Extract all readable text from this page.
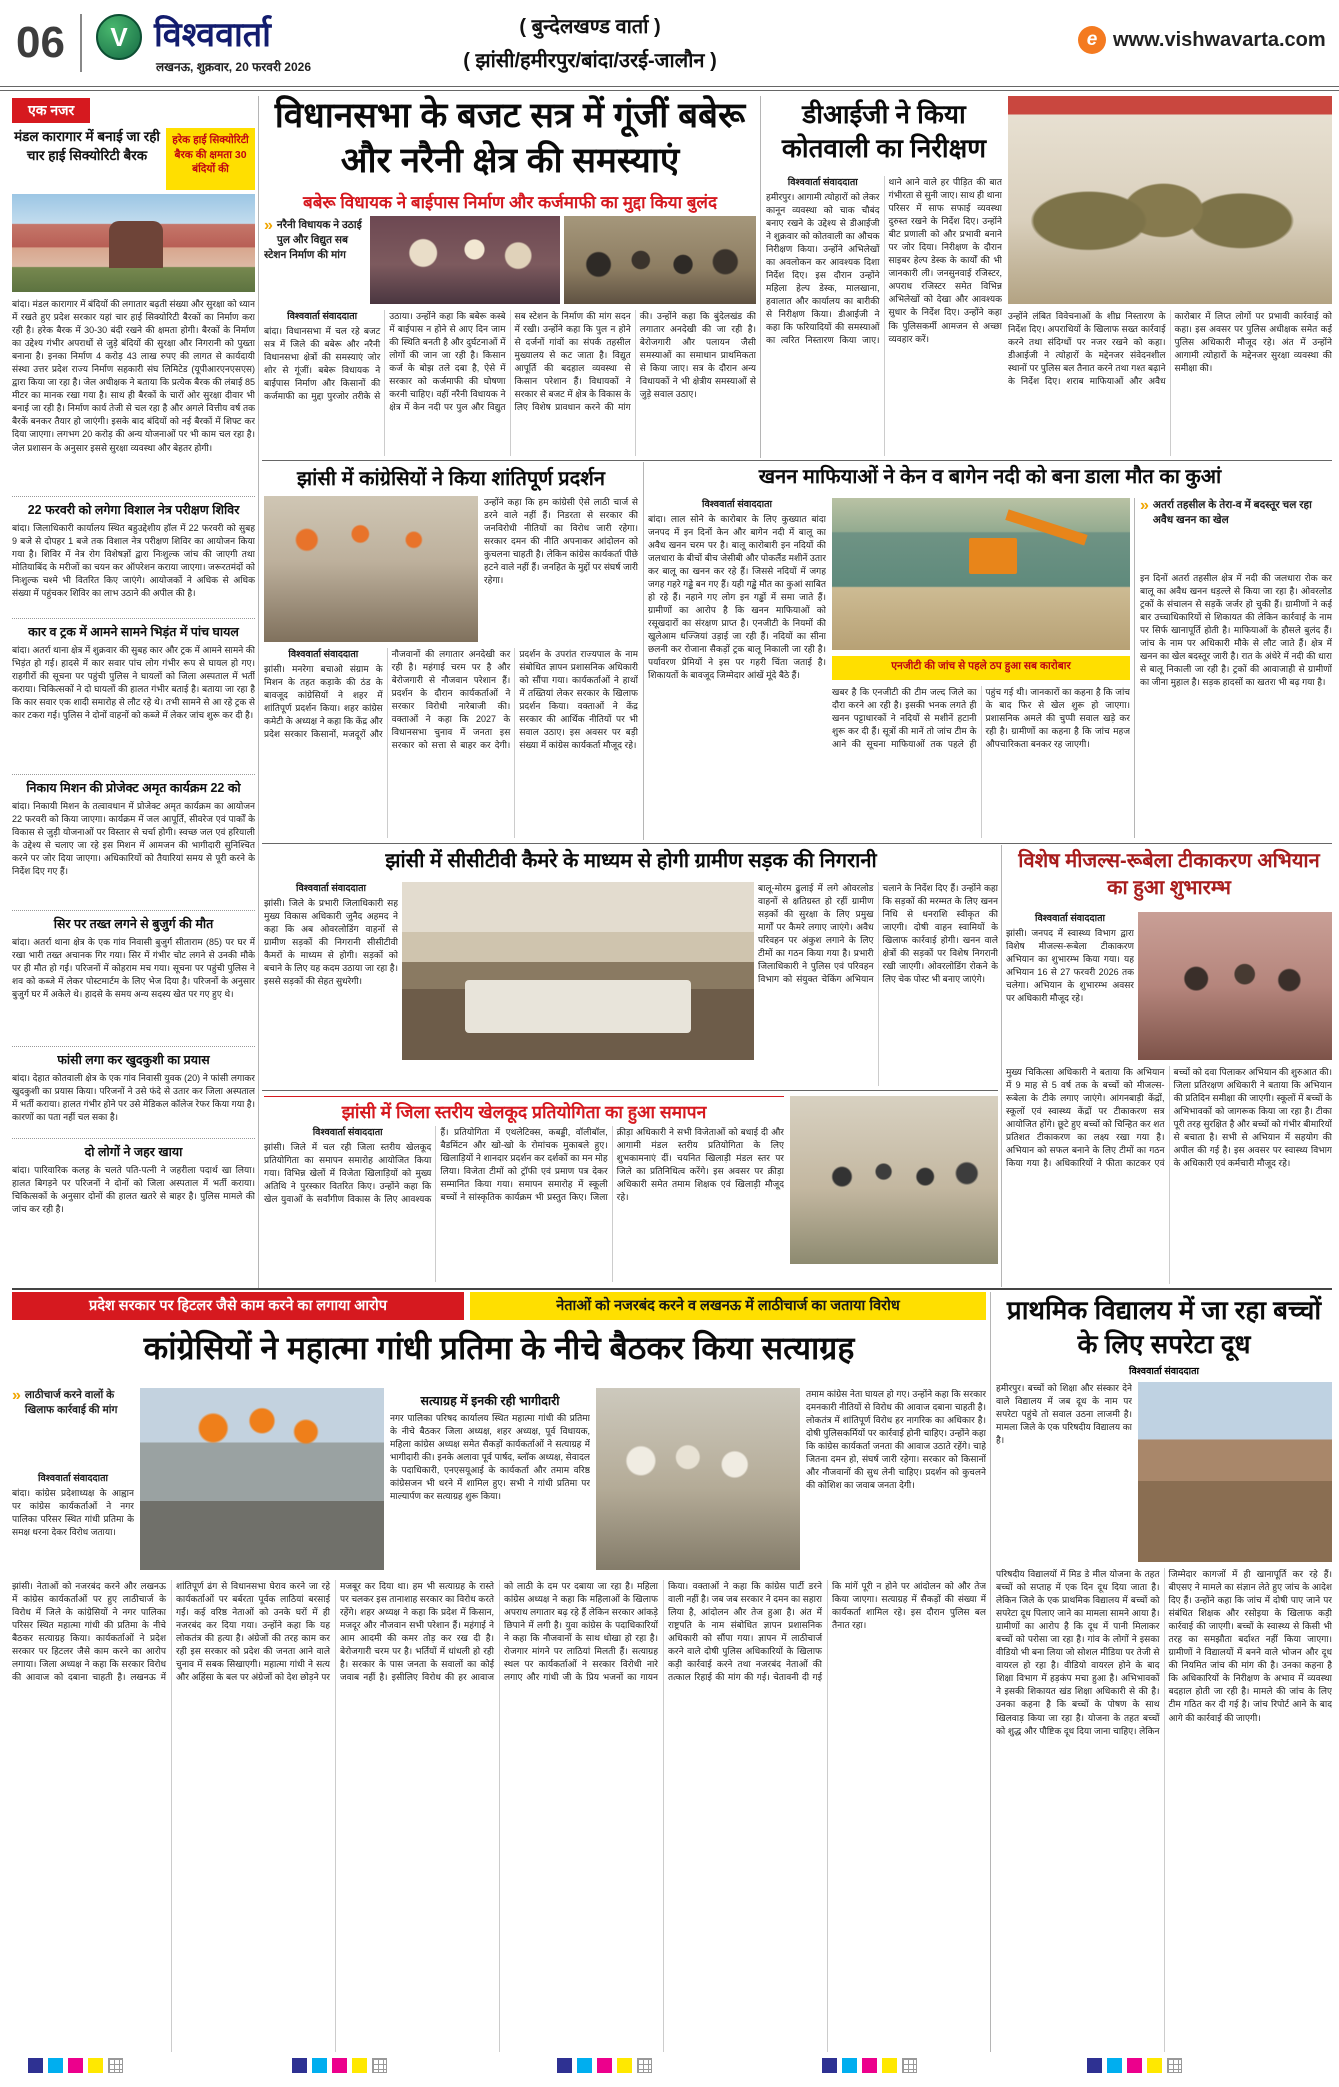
06	V विश्ववार्ता
लखनऊ, शुक्रवार, 20 फरवरी 2026
( बुन्देलखण्ड वार्ता )
( झांसी/हमीरपुर/बांदा/उरई-जालौन )
e
www.vishwavarta.com
एक नजर
मंडल कारागार में बनाई जा रही चार हाई सिक्योरिटी बैरक
हरेक हाई सिक्योरिटी बैरक की क्षमता 30 बंदियों की
बांदा। मंडल कारागार में बंदियों की लगातार बढ़ती संख्या और सुरक्षा को ध्यान में रखते हुए प्रदेश सरकार यहां चार हाई सिक्योरिटी बैरकों का निर्माण करा रही है। हरेक बैरक में 30-30 बंदी रखने की क्षमता होगी। बैरकों के निर्माण का उद्देश्य गंभीर अपराधों से जुड़े बंदियों की सुरक्षा और निगरानी को पुख्ता बनाना है। इनका निर्माण 4 करोड़ 43 लाख रुपए की लागत से कार्यदायी संस्था उत्तर प्रदेश राज्य निर्माण सहकारी संघ लिमिटेड (यूपीआरएनएसएस) द्वारा किया जा रहा है। जेल अधीक्षक ने बताया कि प्रत्येक बैरक की लंबाई 85 मीटर का मानक रखा गया है। साथ ही बैरकों के चारों ओर सुरक्षा दीवार भी बनाई जा रही है। निर्माण कार्य तेजी से चल रहा है और अगले वित्तीय वर्ष तक बैरकें बनकर तैयार हो जाएंगी। इसके बाद बंदियों को नई बैरकों में शिफ्ट कर दिया जाएगा। लगभग 20 करोड़ की अन्य योजनाओं पर भी काम चल रहा है। जेल प्रशासन के अनुसार इससे सुरक्षा व्यवस्था और बेहतर होगी।
22 फरवरी को लगेगा विशाल नेत्र परीक्षण शिविर
बांदा। जिलाधिकारी कार्यालय स्थित बहुउद्देशीय हॉल में 22 फरवरी को सुबह 9 बजे से दोपहर 1 बजे तक विशाल नेत्र परीक्षण शिविर का आयोजन किया गया है। शिविर में नेत्र रोग विशेषज्ञों द्वारा निःशुल्क जांच की जाएगी तथा मोतियाबिंद के मरीजों का चयन कर ऑपरेशन कराया जाएगा। जरूरतमंदों को निःशुल्क चश्मे भी वितरित किए जाएंगे। आयोजकों ने अधिक से अधिक संख्या में पहुंचकर शिविर का लाभ उठाने की अपील की है।
कार व ट्रक में आमने सामने भिड़ंत में पांच घायल
बांदा। अतर्रा थाना क्षेत्र में शुक्रवार की सुबह कार और ट्रक में आमने सामने की भिड़ंत हो गई। हादसे में कार सवार पांच लोग गंभीर रूप से घायल हो गए। राहगीरों की सूचना पर पहुंची पुलिस ने घायलों को जिला अस्पताल में भर्ती कराया। चिकित्सकों ने दो घायलों की हालत गंभीर बताई है। बताया जा रहा है कि कार सवार एक शादी समारोह से लौट रहे थे। तभी सामने से आ रहे ट्रक से कार टकरा गई। पुलिस ने दोनों वाहनों को कब्जे में लेकर जांच शुरू कर दी है।
निकाय मिशन की प्रोजेक्ट अमृत कार्यक्रम 22 को
बांदा। निकायी मिशन के तत्वावधान में प्रोजेक्ट अमृत कार्यक्रम का आयोजन 22 फरवरी को किया जाएगा। कार्यक्रम में जल आपूर्ति, सीवरेज एवं पार्कों के विकास से जुड़ी योजनाओं पर विस्तार से चर्चा होगी। स्वच्छ जल एवं हरियाली के उद्देश्य से चलाए जा रहे इस मिशन में आमजन की भागीदारी सुनिश्चित करने पर जोर दिया जाएगा। अधिकारियों को तैयारियां समय से पूरी करने के निर्देश दिए गए हैं।
सिर पर तख्त लगने से बुजुर्ग की मौत
बांदा। अतर्रा थाना क्षेत्र के एक गांव निवासी बुजुर्ग सीताराम (85) पर घर में रखा भारी तख्त अचानक गिर गया। सिर में गंभीर चोट लगने से उनकी मौके पर ही मौत हो गई। परिजनों में कोहराम मच गया। सूचना पर पहुंची पुलिस ने शव को कब्जे में लेकर पोस्टमार्टम के लिए भेज दिया है। परिजनों के अनुसार बुजुर्ग घर में अकेले थे। हादसे के समय अन्य सदस्य खेत पर गए हुए थे।
फांसी लगा कर खुदकुशी का प्रयास
बांदा। देहात कोतवाली क्षेत्र के एक गांव निवासी युवक (20) ने फांसी लगाकर खुदकुशी का प्रयास किया। परिजनों ने उसे फंदे से उतार कर जिला अस्पताल में भर्ती कराया। हालत गंभीर होने पर उसे मेडिकल कॉलेज रेफर किया गया है। कारणों का पता नहीं चल सका है।
दो लोगों ने जहर खाया
बांदा। पारिवारिक कलह के चलते पति-पत्नी ने जहरीला पदार्थ खा लिया। हालत बिगड़ने पर परिजनों ने दोनों को जिला अस्पताल में भर्ती कराया। चिकित्सकों के अनुसार दोनों की हालत खतरे से बाहर है। पुलिस मामले की जांच कर रही है।
विधानसभा के बजट सत्र में गूंजीं बबेरू और नरैनी क्षेत्र की समस्याएं
बबेरू विधायक ने बाईपास निर्माण और कर्जमाफी का मुद्दा किया बुलंद
»
नरैनी विधायक ने उठाई पुल और विद्युत सब स्टेशन निर्माण की मांग
विश्ववार्ता संवाददाता
बांदा। विधानसभा में चल रहे बजट सत्र में जिले की बबेरू और नरैनी विधानसभा क्षेत्रों की समस्याएं जोर शोर से गूंजीं। बबेरू विधायक ने बाईपास निर्माण और किसानों की कर्जमाफी का मुद्दा पुरजोर तरीके से उठाया। उन्होंने कहा कि बबेरू कस्बे में बाईपास न होने से आए दिन जाम की स्थिति बनती है और दुर्घटनाओं में लोगों की जान जा रही है। किसान कर्ज के बोझ तले दबा है, ऐसे में सरकार को कर्जमाफी की घोषणा करनी चाहिए। वहीं नरैनी विधायक ने क्षेत्र में केन नदी पर पुल और विद्युत सब स्टेशन के निर्माण की मांग सदन में रखी। उन्होंने कहा कि पुल न होने से दर्जनों गांवों का संपर्क तहसील मुख्यालय से कट जाता है। विद्युत आपूर्ति की बदहाल व्यवस्था से किसान परेशान हैं। विधायकों ने सरकार से बजट में क्षेत्र के विकास के लिए विशेष प्रावधान करने की मांग की। उन्होंने कहा कि बुंदेलखंड की लगातार अनदेखी की जा रही है। बेरोजगारी और पलायन जैसी समस्याओं का समाधान प्राथमिकता से किया जाए। सत्र के दौरान अन्य विधायकों ने भी क्षेत्रीय समस्याओं से जुड़े सवाल उठाए।
डीआईजी ने किया कोतवाली का निरीक्षण
विश्ववार्ता संवाददाता
हमीरपुर। आगामी त्योहारों को लेकर कानून व्यवस्था को चाक चौबंद बनाए रखने के उद्देश्य से डीआईजी ने शुक्रवार को कोतवाली का औचक निरीक्षण किया। उन्होंने अभिलेखों का अवलोकन कर आवश्यक दिशा निर्देश दिए। इस दौरान उन्होंने महिला हेल्प डेस्क, मालखाना, हवालात और कार्यालय का बारीकी से निरीक्षण किया। डीआईजी ने कहा कि फरियादियों की समस्याओं का त्वरित निस्तारण किया जाए। थाने आने वाले हर पीड़ित की बात गंभीरता से सुनी जाए। साथ ही थाना परिसर में साफ सफाई व्यवस्था दुरुस्त रखने के निर्देश दिए। उन्होंने बीट प्रणाली को और प्रभावी बनाने पर जोर दिया। निरीक्षण के दौरान साइबर हेल्प डेस्क के कार्यों की भी जानकारी ली। जनसुनवाई रजिस्टर, अपराध रजिस्टर समेत विभिन्न अभिलेखों को देखा और आवश्यक सुधार के निर्देश दिए। उन्होंने कहा कि पुलिसकर्मी आमजन से अच्छा व्यवहार करें।
उन्होंने लंबित विवेचनाओं के शीघ्र निस्तारण के निर्देश दिए। अपराधियों के खिलाफ सख्त कार्रवाई करने तथा संदिग्धों पर नजर रखने को कहा। डीआईजी ने त्योहारों के मद्देनजर संवेदनशील स्थानों पर पुलिस बल तैनात करने तथा गश्त बढ़ाने के निर्देश दिए। शराब माफियाओं और अवैध कारोबार में लिप्त लोगों पर प्रभावी कार्रवाई को कहा। इस अवसर पर पुलिस अधीक्षक समेत कई पुलिस अधिकारी मौजूद रहे। अंत में उन्होंने आगामी त्योहारों के मद्देनजर सुरक्षा व्यवस्था की समीक्षा की।
झांसी में कांग्रेसियों ने किया शांतिपूर्ण प्रदर्शन
उन्होंने कहा कि हम कांग्रेसी ऐसे लाठी चार्ज से डरने वाले नहीं हैं। निडरता से सरकार की जनविरोधी नीतियों का विरोध जारी रहेगा। सरकार दमन की नीति अपनाकर आंदोलन को कुचलना चाहती है। लेकिन कांग्रेस कार्यकर्ता पीछे हटने वाले नहीं हैं। जनहित के मुद्दों पर संघर्ष जारी रहेगा।
विश्ववार्ता संवाददाता
झांसी। मनरेगा बचाओ संग्राम के मिशन के तहत कड़ाके की ठंड के बावजूद कांग्रेसियों ने शहर में शांतिपूर्ण प्रदर्शन किया। शहर कांग्रेस कमेटी के अध्यक्ष ने कहा कि केंद्र और प्रदेश सरकार किसानों, मजदूरों और नौजवानों की लगातार अनदेखी कर रही है। महंगाई चरम पर है और बेरोजगारी से नौजवान परेशान हैं। प्रदर्शन के दौरान कार्यकर्ताओं ने सरकार विरोधी नारेबाजी की। वक्ताओं ने कहा कि 2027 के विधानसभा चुनाव में जनता इस सरकार को सत्ता से बाहर कर देगी। प्रदर्शन के उपरांत राज्यपाल के नाम संबोधित ज्ञापन प्रशासनिक अधिकारी को सौंपा गया। कार्यकर्ताओं ने हाथों में तख्तियां लेकर सरकार के खिलाफ प्रदर्शन किया। वक्ताओं ने केंद्र सरकार की आर्थिक नीतियों पर भी सवाल उठाए। इस अवसर पर बड़ी संख्या में कांग्रेस कार्यकर्ता मौजूद रहे।
खनन माफियाओं ने केन व बागेन नदी को बना डाला मौत का कुआं
विश्ववार्ता संवाददाता
बांदा। लाल सोने के कारोबार के लिए कुख्यात बांदा जनपद में इन दिनों केन और बागेन नदी में बालू का अवैध खनन चरम पर है। बालू कारोबारी इन नदियों की जलधारा के बीचों बीच जेसीबी और पोकलैंड मशीनें उतार कर बालू का खनन कर रहे हैं। जिससे नदियों में जगह जगह गहरे गड्ढे बन गए हैं। यही गड्ढे मौत का कुआं साबित हो रहे हैं। नहाने गए लोग इन गड्ढों में समा जाते हैं। ग्रामीणों का आरोप है कि खनन माफियाओं को रसूखदारों का संरक्षण प्राप्त है। एनजीटी के नियमों की खुलेआम धज्जियां उड़ाई जा रही हैं। नदियों का सीना छलनी कर रोजाना सैकड़ों ट्रक बालू निकाली जा रही है। पर्यावरण प्रेमियों ने इस पर गहरी चिंता जताई है। शिकायतों के बावजूद जिम्मेदार आंखें मूंदे बैठे हैं।
एनजीटी की जांच से पहले ठप हुआ सब कारोबार
खबर है कि एनजीटी की टीम जल्द जिले का दौरा करने आ रही है। इसकी भनक लगते ही खनन पट्टाधारकों ने नदियों से मशीनें हटानी शुरू कर दी हैं। सूत्रों की मानें तो जांच टीम के आने की सूचना माफियाओं तक पहले ही पहुंच गई थी। जानकारों का कहना है कि जांच के बाद फिर से खेल शुरू हो जाएगा। प्रशासनिक अमले की चुप्पी सवाल खड़े कर रही है। ग्रामीणों का कहना है कि जांच महज औपचारिकता बनकर रह जाएगी।
»
अतर्रा तहसील के तेरा-व में बदस्तूर चल रहा अवैध खनन का खेल
इन दिनों अतर्रा तहसील क्षेत्र में नदी की जलधारा रोक कर बालू का अवैध खनन धड़ल्ले से किया जा रहा है। ओवरलोड ट्रकों के संचालन से सड़कें जर्जर हो चुकी हैं। ग्रामीणों ने कई बार उच्चाधिकारियों से शिकायत की लेकिन कार्रवाई के नाम पर सिर्फ खानापूर्ति होती है। माफियाओं के हौसले बुलंद हैं। जांच के नाम पर अधिकारी मौके से लौट जाते हैं। क्षेत्र में खनन का खेल बदस्तूर जारी है। रात के अंधेरे में नदी की धारा से बालू निकाली जा रही है। ट्रकों की आवाजाही से ग्रामीणों का जीना मुहाल है। सड़क हादसों का खतरा भी बढ़ गया है।
झांसी में सीसीटीवी कैमरे के माध्यम से होगी ग्रामीण सड़क की निगरानी
विश्ववार्ता संवाददाता
झांसी। जिले के प्रभारी जिलाधिकारी सह मुख्य विकास अधिकारी जुनैद अहमद ने कहा कि अब ओवरलोडिंग वाहनों से ग्रामीण सड़कों की निगरानी सीसीटीवी कैमरों के माध्यम से होगी। सड़कों को बचाने के लिए यह कदम उठाया जा रहा है। इससे सड़कों की सेहत सुधरेगी।
बालू-मोरम ढुलाई में लगे ओवरलोड वाहनों से क्षतिग्रस्त हो रहीं ग्रामीण सड़कों की सुरक्षा के लिए प्रमुख मार्गों पर कैमरे लगाए जाएंगे। अवैध परिवहन पर अंकुश लगाने के लिए टीमों का गठन किया गया है। प्रभारी जिलाधिकारी ने पुलिस एवं परिवहन विभाग को संयुक्त चेकिंग अभियान चलाने के निर्देश दिए हैं। उन्होंने कहा कि सड़कों की मरम्मत के लिए खनन निधि से धनराशि स्वीकृत की जाएगी। दोषी वाहन स्वामियों के खिलाफ कार्रवाई होगी। खनन वाले क्षेत्रों की सड़कों पर विशेष निगरानी रखी जाएगी। ओवरलोडिंग रोकने के लिए चेक पोस्ट भी बनाए जाएंगे।
विशेष मीजल्स-रूबेला टीकाकरण अभियान का हुआ शुभारम्भ
विश्ववार्ता संवाददाता
झांसी। जनपद में स्वास्थ्य विभाग द्वारा विशेष मीजल्स-रूबेला टीकाकरण अभियान का शुभारम्भ किया गया। यह अभियान 16 से 27 फरवरी 2026 तक चलेगा। अभियान के शुभारम्भ अवसर पर अधिकारी मौजूद रहे।
मुख्य चिकित्सा अधिकारी ने बताया कि अभियान में 9 माह से 5 वर्ष तक के बच्चों को मीजल्स-रूबेला के टीके लगाए जाएंगे। आंगनबाड़ी केंद्रों, स्कूलों एवं स्वास्थ्य केंद्रों पर टीकाकरण सत्र आयोजित होंगे। छूटे हुए बच्चों को चिन्हित कर शत प्रतिशत टीकाकरण का लक्ष्य रखा गया है। अभियान को सफल बनाने के लिए टीमों का गठन किया गया है। अधिकारियों ने फीता काटकर एवं बच्चों को दवा पिलाकर अभियान की शुरुआत की। जिला प्रतिरक्षण अधिकारी ने बताया कि अभियान की प्रतिदिन समीक्षा की जाएगी। स्कूलों में बच्चों के अभिभावकों को जागरूक किया जा रहा है। टीका पूरी तरह सुरक्षित है और बच्चों को गंभीर बीमारियों से बचाता है। सभी से अभियान में सहयोग की अपील की गई है। इस अवसर पर स्वास्थ्य विभाग के अधिकारी एवं कर्मचारी मौजूद रहे।
झांसी में जिला स्तरीय खेलकूद प्रतियोगिता का हुआ समापन
विश्ववार्ता संवाददाता
झांसी। जिले में चल रही जिला स्तरीय खेलकूद प्रतियोगिता का समापन समारोह आयोजित किया गया। विभिन्न खेलों में विजेता खिलाड़ियों को मुख्य अतिथि ने पुरस्कार वितरित किए। उन्होंने कहा कि खेल युवाओं के सर्वांगीण विकास के लिए आवश्यक हैं। प्रतियोगिता में एथलेटिक्स, कबड्डी, वॉलीबॉल, बैडमिंटन और खो-खो के रोमांचक मुकाबले हुए। खिलाड़ियों ने शानदार प्रदर्शन कर दर्शकों का मन मोह लिया। विजेता टीमों को ट्रॉफी एवं प्रमाण पत्र देकर सम्मानित किया गया। समापन समारोह में स्कूली बच्चों ने सांस्कृतिक कार्यक्रम भी प्रस्तुत किए। जिला क्रीड़ा अधिकारी ने सभी विजेताओं को बधाई दी और आगामी मंडल स्तरीय प्रतियोगिता के लिए शुभकामनाएं दीं। चयनित खिलाड़ी मंडल स्तर पर जिले का प्रतिनिधित्व करेंगे। इस अवसर पर क्रीड़ा अधिकारी समेत तमाम शिक्षक एवं खिलाड़ी मौजूद रहे।
प्रदेश सरकार पर हिटलर जैसे काम करने का लगाया आरोप	नेताओं को नजरबंद करने व लखनऊ में लाठीचार्ज का जताया विरोध
कांग्रेसियों ने महात्मा गांधी प्रतिमा के नीचे बैठकर किया सत्याग्रह
»
लाठीचार्ज करने वालों के खिलाफ कार्रवाई की मांग
विश्ववार्ता संवाददाता
बांदा। कांग्रेस प्रदेशाध्यक्ष के आह्वान पर कांग्रेस कार्यकर्ताओं ने नगर पालिका परिसर स्थित गांधी प्रतिमा के समक्ष धरना देकर विरोध जताया।
सत्याग्रह में इनकी रही भागीदारी
नगर पालिका परिषद कार्यालय स्थित महात्मा गांधी की प्रतिमा के नीचे बैठकर जिला अध्यक्ष, शहर अध्यक्ष, पूर्व विधायक, महिला कांग्रेस अध्यक्ष समेत सैकड़ों कार्यकर्ताओं ने सत्याग्रह में भागीदारी की। इनके अलावा पूर्व पार्षद, ब्लॉक अध्यक्ष, सेवादल के पदाधिकारी, एनएसयूआई के कार्यकर्ता और तमाम वरिष्ठ कांग्रेसजन भी धरने में शामिल हुए। सभी ने गांधी प्रतिमा पर माल्यार्पण कर सत्याग्रह शुरू किया।
तमाम कांग्रेस नेता घायल हो गए। उन्होंने कहा कि सरकार दमनकारी नीतियों से विरोध की आवाज दबाना चाहती है। लोकतंत्र में शांतिपूर्ण विरोध हर नागरिक का अधिकार है। दोषी पुलिसकर्मियों पर कार्रवाई होनी चाहिए। उन्होंने कहा कि कांग्रेस कार्यकर्ता जनता की आवाज उठाते रहेंगे। चाहे जितना दमन हो, संघर्ष जारी रहेगा। सरकार को किसानों और नौजवानों की सुध लेनी चाहिए। प्रदर्शन को कुचलने की कोशिश का जवाब जनता देगी।
झांसी। नेताओं को नजरबंद करने और लखनऊ में कांग्रेस कार्यकर्ताओं पर हुए लाठीचार्ज के विरोध में जिले के कांग्रेसियों ने नगर पालिका परिसर स्थित महात्मा गांधी की प्रतिमा के नीचे बैठकर सत्याग्रह किया। कार्यकर्ताओं ने प्रदेश सरकार पर हिटलर जैसे काम करने का आरोप लगाया। जिला अध्यक्ष ने कहा कि सरकार विरोध की आवाज को दबाना चाहती है। लखनऊ में शांतिपूर्ण ढंग से विधानसभा घेराव करने जा रहे कार्यकर्ताओं पर बर्बरता पूर्वक लाठियां बरसाई गईं। कई वरिष्ठ नेताओं को उनके घरों में ही नजरबंद कर दिया गया। उन्होंने कहा कि यह लोकतंत्र की हत्या है। अंग्रेजों की तरह काम कर रही इस सरकार को प्रदेश की जनता आने वाले चुनाव में सबक सिखाएगी। महात्मा गांधी ने सत्य और अहिंसा के बल पर अंग्रेजों को देश छोड़ने पर मजबूर कर दिया था। हम भी सत्याग्रह के रास्ते पर चलकर इस तानाशाह सरकार का विरोध करते रहेंगे। शहर अध्यक्ष ने कहा कि प्रदेश में किसान, मजदूर और नौजवान सभी परेशान हैं। महंगाई ने आम आदमी की कमर तोड़ कर रख दी है। बेरोजगारी चरम पर है। भर्तियों में धांधली हो रही है। सरकार के पास जनता के सवालों का कोई जवाब नहीं है। इसीलिए विरोध की हर आवाज को लाठी के दम पर दबाया जा रहा है। महिला कांग्रेस अध्यक्ष ने कहा कि महिलाओं के खिलाफ अपराध लगातार बढ़ रहे हैं लेकिन सरकार आंकड़े छिपाने में लगी है। युवा कांग्रेस के पदाधिकारियों ने कहा कि नौजवानों के साथ धोखा हो रहा है। रोजगार मांगने पर लाठियां मिलती हैं। सत्याग्रह स्थल पर कार्यकर्ताओं ने सरकार विरोधी नारे लगाए और गांधी जी के प्रिय भजनों का गायन किया। वक्ताओं ने कहा कि कांग्रेस पार्टी डरने वाली नहीं है। जब जब सरकार ने दमन का सहारा लिया है, आंदोलन और तेज हुआ है। अंत में राष्ट्रपति के नाम संबोधित ज्ञापन प्रशासनिक अधिकारी को सौंपा गया। ज्ञापन में लाठीचार्ज करने वाले दोषी पुलिस अधिकारियों के खिलाफ कड़ी कार्रवाई करने तथा नजरबंद नेताओं की तत्काल रिहाई की मांग की गई। चेतावनी दी गई कि मांगें पूरी न होने पर आंदोलन को और तेज किया जाएगा। सत्याग्रह में सैकड़ों की संख्या में कार्यकर्ता शामिल रहे। इस दौरान पुलिस बल तैनात रहा।
प्राथमिक विद्यालय में जा रहा बच्चों के लिए सपरेटा दूध
विश्ववार्ता संवाददाता
हमीरपुर। बच्चों को शिक्षा और संस्कार देने वाले विद्यालय में जब दूध के नाम पर सपरेटा पहुंचे तो सवाल उठना लाजमी है। मामला जिले के एक परिषदीय विद्यालय का है।
परिषदीय विद्यालयों में मिड डे मील योजना के तहत बच्चों को सप्ताह में एक दिन दूध दिया जाता है। लेकिन जिले के एक प्राथमिक विद्यालय में बच्चों को सपरेटा दूध पिलाए जाने का मामला सामने आया है। ग्रामीणों का आरोप है कि दूध में पानी मिलाकर बच्चों को परोसा जा रहा है। गांव के लोगों ने इसका वीडियो भी बना लिया जो सोशल मीडिया पर तेजी से वायरल हो रहा है। वीडियो वायरल होने के बाद शिक्षा विभाग में हड़कंप मचा हुआ है। अभिभावकों ने इसकी शिकायत खंड शिक्षा अधिकारी से की है। उनका कहना है कि बच्चों के पोषण के साथ खिलवाड़ किया जा रहा है। योजना के तहत बच्चों को शुद्ध और पौष्टिक दूध दिया जाना चाहिए। लेकिन जिम्मेदार कागजों में ही खानापूर्ति कर रहे हैं। बीएसए ने मामले का संज्ञान लेते हुए जांच के आदेश दिए हैं। उन्होंने कहा कि जांच में दोषी पाए जाने पर संबंधित शिक्षक और रसोइया के खिलाफ कड़ी कार्रवाई की जाएगी। बच्चों के स्वास्थ्य से किसी भी तरह का समझौता बर्दाश्त नहीं किया जाएगा। ग्रामीणों ने विद्यालयों में बनने वाले भोजन और दूध की नियमित जांच की मांग की है। उनका कहना है कि अधिकारियों के निरीक्षण के अभाव में व्यवस्था बदहाल होती जा रही है। मामले की जांच के लिए टीम गठित कर दी गई है। जांच रिपोर्ट आने के बाद आगे की कार्रवाई की जाएगी।
